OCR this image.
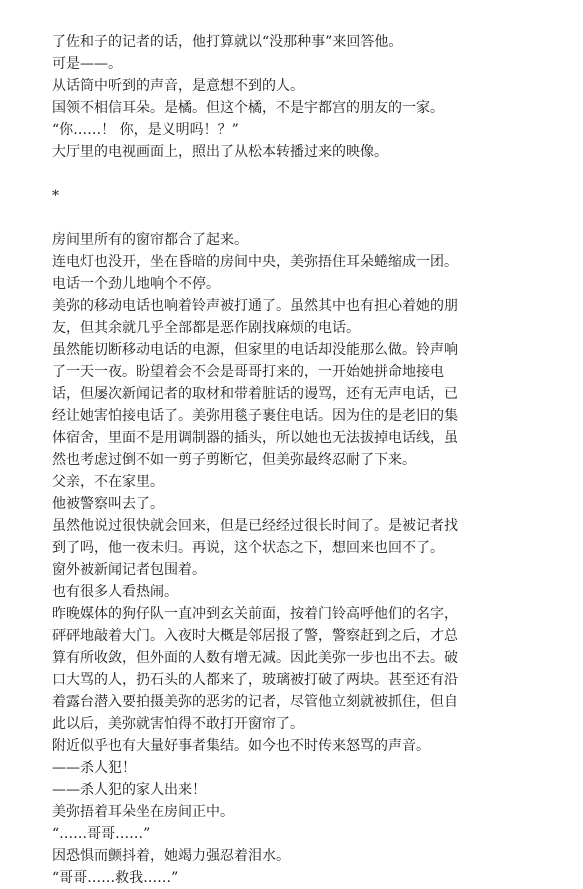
了佐和子的记者的话，他打算就以“没那种事”来回答他。
可是——。
从话筒中听到的声音，是意想不到的人。
国领不相信耳朵。是橘。但这个橘，不是宇都宫的朋友的一家。
“你……！ 你，是义明吗！？”
大厅里的电视画面上，照出了从松本转播过来的映像。
*
房间里所有的窗帘都合了起来。
连电灯也没开，坐在昏暗的房间中央，美弥捂住耳朵蜷缩成一团。
电话一个劲儿地响个不停。
美弥的移动电话也响着铃声被打通了。虽然其中也有担心着她的朋
友，但其余就几乎全部都是恶作剧找麻烦的电话。
虽然能切断移动电话的电源，但家里的电话却没能那么做。铃声响
了一天一夜。盼望着会不会是哥哥打来的，一开始她拼命地接电
话，但屡次新闻记者的取材和带着脏话的谩骂，还有无声电话，已
经让她害怕接电话了。美弥用毯子裹住电话。因为住的是老旧的集
体宿舍，里面不是用调制器的插头，所以她也无法拔掉电话线，虽
然也考虑过倒不如一剪子剪断它，但美弥最终忍耐了下来。
父亲，不在家里。
他被警察叫去了。
虽然他说过很快就会回来，但是已经经过很长时间了。是被记者找
到了吗，他一夜未归。再说，这个状态之下，想回来也回不了。
窗外被新闻记者包围着。
也有很多人看热闹。
昨晚媒体的狗仔队一直冲到玄关前面，按着门铃高呼他们的名字，
砰砰地敲着大门。入夜时大概是邻居报了警，警察赶到之后，才总
算有所收敛，但外面的人数有增无减。因此美弥一步也出不去。破
口大骂的人，扔石头的人都来了，玻璃被打破了两块。甚至还有沿
着露台潜入要拍摄美弥的恶劣的记者，尽管他立刻就被抓住，但自
此以后，美弥就害怕得不敢打开窗帘了。
附近似乎也有大量好事者集结。如今也不时传来怒骂的声音。
——杀人犯！
——杀人犯的家人出来！
美弥捂着耳朵坐在房间正中。
“……哥哥……”
因恐惧而颤抖着，她竭力强忍着泪水。
“哥哥……救我……”
